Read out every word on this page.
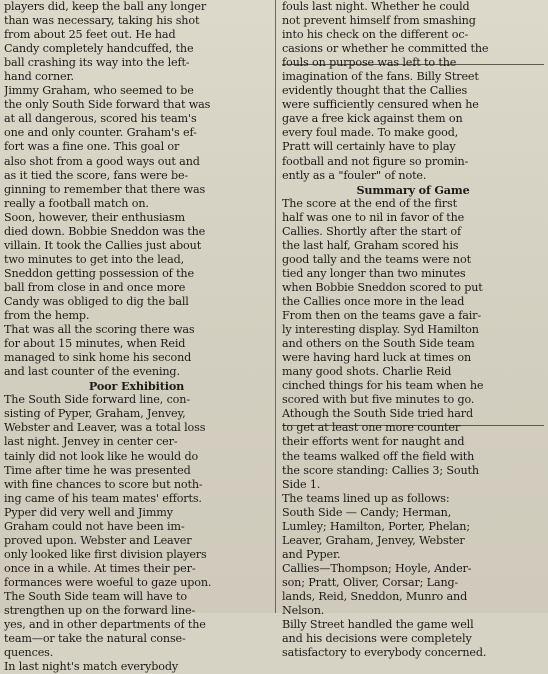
players did, keep the ball any longer
than was necessary, taking his shot
from about 25 feet out. He had
Candy completely handcuffed, the
ball crashing its way into the left-
hand corner.
Jimmy Graham, who seemed to be
the only South Side forward that was
at all dangerous, scored his team's
one and only counter. Graham's ef-
fort was a fine one. This goal or
also shot from a good ways out and
as it tied the score, fans were be-
ginning to remember that there was
really a football match on.
Soon, however, their enthusiasm
died down. Bobbie Sneddon was the
villain. It took the Callies just about
two minutes to get into the lead,
Sneddon getting possession of the
ball from close in and once more
Candy was obliged to dig the ball
from the hemp.
That was all the scoring there was
for about 15 minutes, when Reid
managed to sink home his second
and last counter of the evening.
Poor Exhibition
The South Side forward line, con-
sisting of Pyper, Graham, Jenvey,
Webster and Leaver, was a total loss
last night. Jenvey in center cer-
tainly did not look like he would do
Time after time he was presented
with fine chances to score but noth-
ing came of his team mates' efforts.
Pyper did very well and Jimmy
Graham could not have been im-
proved upon. Webster and Leaver
only looked like first division players
once in a while. At times their per-
formances were woeful to gaze upon.
The South Side team will have to
strengthen up on the forward line-
yes, and in other departments of the
team—or take the natural conse-
quences.
In last night's match everybody
fouls last night. Whether he could
not prevent himself from smashing
into his check on the different oc-
casions or whether he committed the
fouls on purpose was left to the
imagination of the fans. Billy Street
evidently thought that the Callies
were sufficiently censured when he
gave a free kick against them on
every foul made. To make good,
Pratt will certainly have to play
football and not figure so promin-
ently as a "fouler" of note.
Summary of Game
The score at the end of the first
half was one to nil in favor of the
Callies. Shortly after the start of
the last half, Graham scored his
good tally and the teams were not
tied any longer than two minutes
when Bobbie Sneddon scored to put
the Callies once more in the lead
From then on the teams gave a fair-
ly interesting display. Syd Hamilton
and others on the South Side team
were having hard luck at times on
many good shots. Charlie Reid
cinched things for his team when he
scored with but five minutes to go.
Athough the South Side tried hard
to get at least one more counter
their efforts went for naught and
the teams walked off the field with
the score standing: Callies 3; South
Side 1.
The teams lined up as follows:
South Side — Candy; Herman,
Lumley; Hamilton, Porter, Phelan;
Leaver, Graham, Jenvey, Webster
and Pyper.
Callies—Thompson; Hoyle, Ander-
son; Pratt, Oliver, Corsar; Lang-
lands, Reid, Sneddon, Munro and
Nelson.
Billy Street handled the game well
and his decisions were completely
satisfactory to everybody concerned.
